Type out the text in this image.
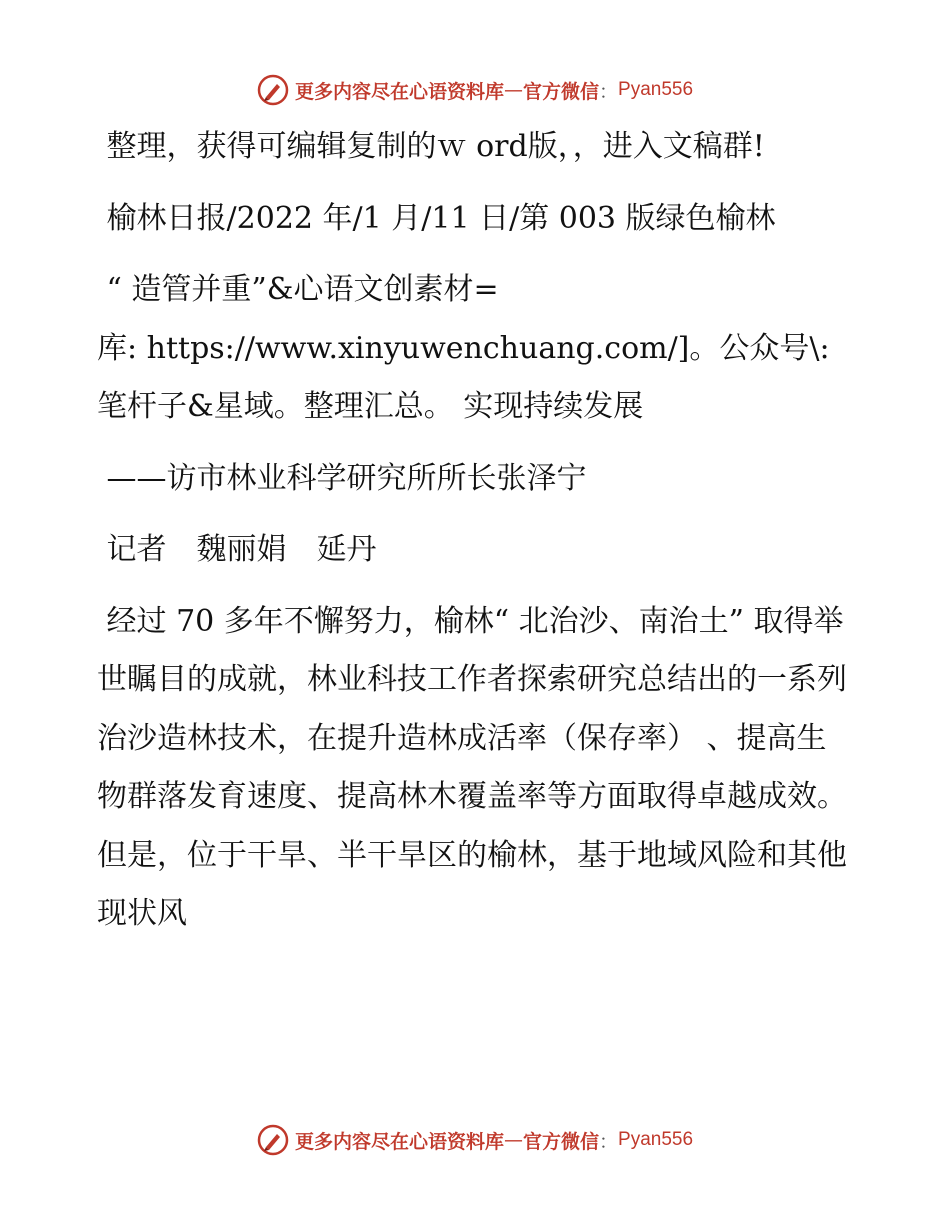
更多内容尽在心语资料库 — 官方微信 ： Pyan556

整理，获得可编辑复制的ｗ ord版，，进入文稿群!

榆林日报/2022 年/1 月/11 日/第 003 版绿色榆林

“ 造管并重”&心语文创素材=
库: https://www.xinyuwenchuang.com/]。公众号\: 笔杆子&星域。整理汇总。 实现持续发展

——访市林业科学研究所所长张泽宁

记者　魏丽娟　延丹

经过 70 多年不懈努力，榆林“ 北治沙、南治土” 取得举世瞩目的成就，林业科技工作者探索研究总结出的一系列治沙造林技术，在提升造林成活率（保存率） 、提高生物群落发育速度、提高林木覆盖率等方面取得卓越成效。但是，位于干旱、半干旱区的榆林，基于地域风险和其他现状风

更多内容尽在心语资料库 — 官方微信 ： Pyan556
